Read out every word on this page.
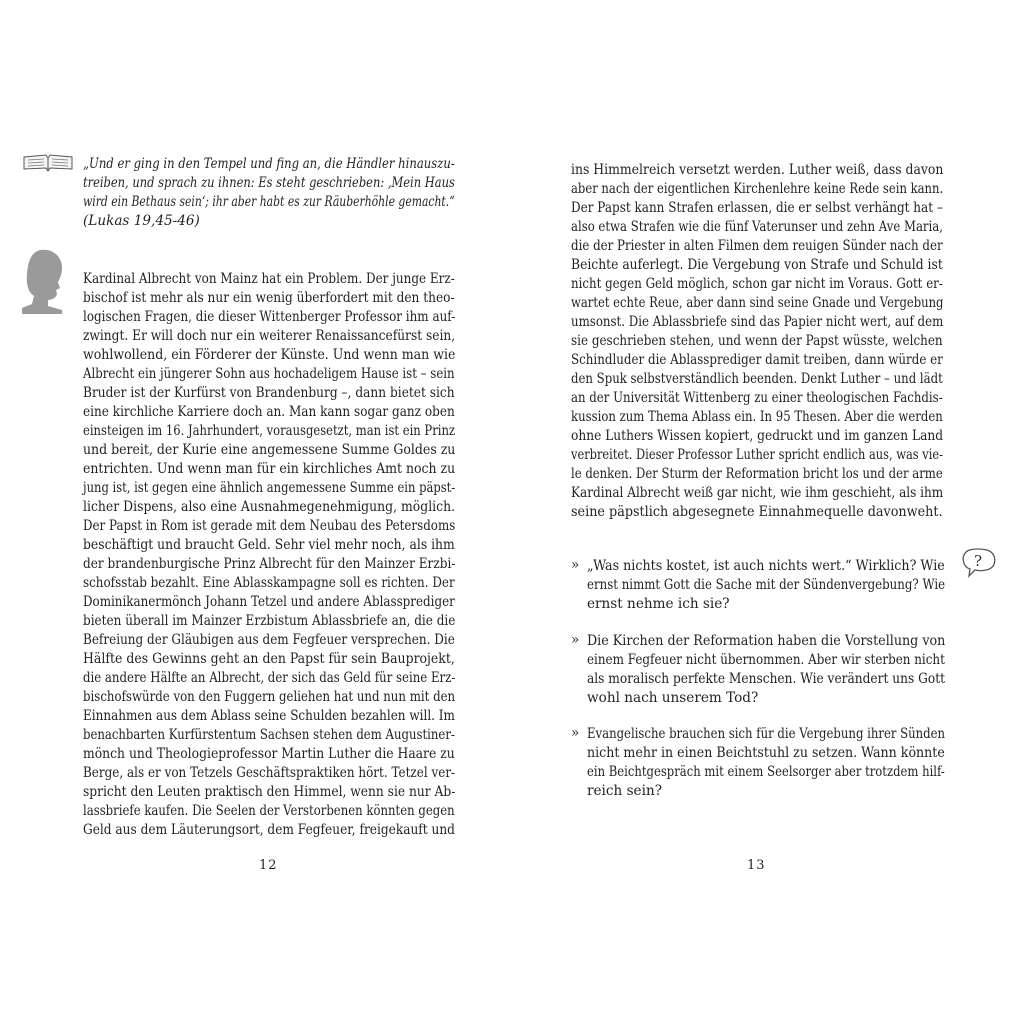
?
„Und er ging in den Tempel und fing an, die Händler hinauszu-
treiben, und sprach zu ihnen: Es steht geschrieben: ‚Mein Haus
wird ein Bethaus sein‘; ihr aber habt es zur Räuberhöhle gemacht.“
(Lukas 19,45-46)
Kardinal Albrecht von Mainz hat ein Problem. Der junge Erz-
bischof ist mehr als nur ein wenig überfordert mit den theo-
logischen Fragen, die dieser Wittenberger Professor ihm auf-
zwingt. Er will doch nur ein weiterer Renaissancefürst sein,
wohlwollend, ein Förderer der Künste. Und wenn man wie
Albrecht ein jüngerer Sohn aus hochadeligem Hause ist – sein
Bruder ist der Kurfürst von Brandenburg –, dann bietet sich
eine kirchliche Karriere doch an. Man kann sogar ganz oben
einsteigen im 16. Jahrhundert, vorausgesetzt, man ist ein Prinz
und bereit, der Kurie eine angemessene Summe Goldes zu
entrichten. Und wenn man für ein kirchliches Amt noch zu
jung ist, ist gegen eine ähnlich angemessene Summe ein päpst-
licher Dispens, also eine Ausnahmegenehmigung, möglich.
Der Papst in Rom ist gerade mit dem Neubau des Petersdoms
beschäftigt und braucht Geld. Sehr viel mehr noch, als ihm
der brandenburgische Prinz Albrecht für den Mainzer Erzbi-
schofsstab bezahlt. Eine Ablasskampagne soll es richten. Der
Dominikanermönch Johann Tetzel und andere Ablassprediger
bieten überall im Mainzer Erzbistum Ablassbriefe an, die die
Befreiung der Gläubigen aus dem Fegfeuer versprechen. Die
Hälfte des Gewinns geht an den Papst für sein Bauprojekt,
die andere Hälfte an Albrecht, der sich das Geld für seine Erz-
bischofswürde von den Fuggern geliehen hat und nun mit den
Einnahmen aus dem Ablass seine Schulden bezahlen will. Im
benachbarten Kurfürstentum Sachsen stehen dem Augustiner-
mönch und Theologieprofessor Martin Luther die Haare zu
Berge, als er von Tetzels Geschäftspraktiken hört. Tetzel ver-
spricht den Leuten praktisch den Himmel, wenn sie nur Ab-
lassbriefe kaufen. Die Seelen der Verstorbenen könnten gegen
Geld aus dem Läuterungsort, dem Fegfeuer, freigekauft und
12
ins Himmelreich versetzt werden. Luther weiß, dass davon
aber nach der eigentlichen Kirchenlehre keine Rede sein kann.
Der Papst kann Strafen erlassen, die er selbst verhängt hat –
also etwa Strafen wie die fünf Vaterunser und zehn Ave Maria,
die der Priester in alten Filmen dem reuigen Sünder nach der
Beichte auferlegt. Die Vergebung von Strafe und Schuld ist
nicht gegen Geld möglich, schon gar nicht im Voraus. Gott er-
wartet echte Reue, aber dann sind seine Gnade und Vergebung
umsonst. Die Ablassbriefe sind das Papier nicht wert, auf dem
sie geschrieben stehen, und wenn der Papst wüsste, welchen
Schindluder die Ablassprediger damit treiben, dann würde er
den Spuk selbstverständlich beenden. Denkt Luther – und lädt
an der Universität Wittenberg zu einer theologischen Fachdis-
kussion zum Thema Ablass ein. In 95 Thesen. Aber die werden
ohne Luthers Wissen kopiert, gedruckt und im ganzen Land
verbreitet. Dieser Professor Luther spricht endlich aus, was vie-
le denken. Der Sturm der Reformation bricht los und der arme
Kardinal Albrecht weiß gar nicht, wie ihm geschieht, als ihm
seine päpstlich abgesegnete Einnahmequelle davonweht.
» „Was nichts kostet, ist auch nichts wert.“ Wirklich? Wie
ernst nimmt Gott die Sache mit der Sündenvergebung? Wie
ernst nehme ich sie?
» Die Kirchen der Reformation haben die Vorstellung von
einem Fegfeuer nicht übernommen. Aber wir sterben nicht
als moralisch perfekte Menschen. Wie verändert uns Gott
wohl nach unserem Tod?
» Evangelische brauchen sich für die Vergebung ihrer Sünden
nicht mehr in einen Beichtstuhl zu setzen. Wann könnte
ein Beichtgespräch mit einem Seelsorger aber trotzdem hilf-
reich sein?
13
